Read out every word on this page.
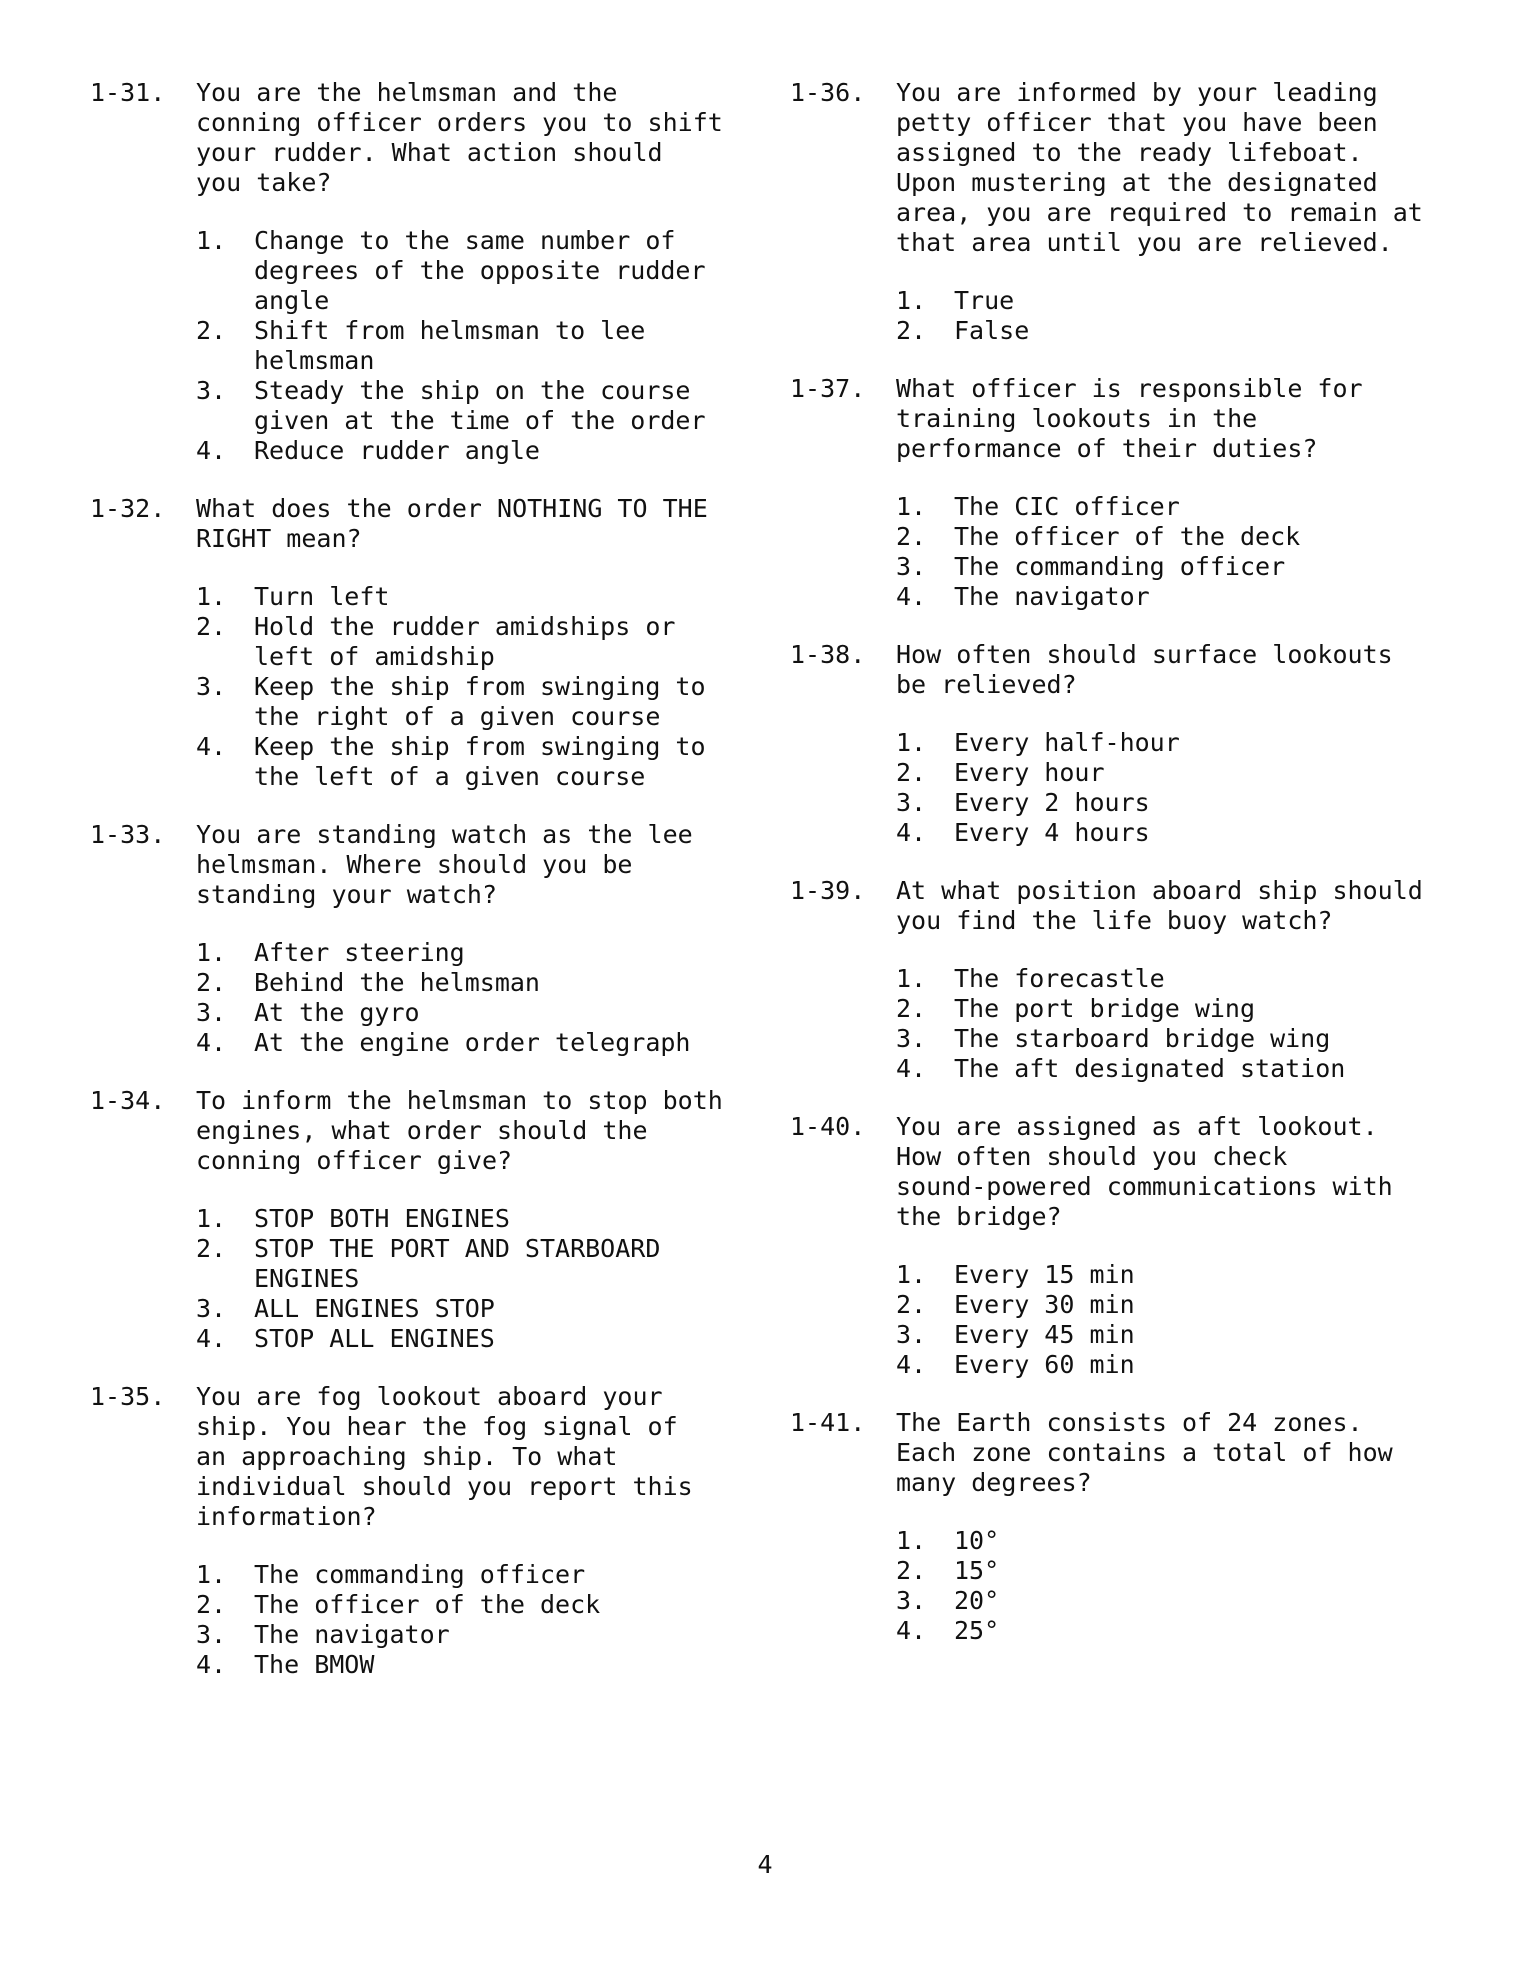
1-31.	You are the helmsman and the
conning officer orders you to shift
your rudder. What action should
you take?
1.	Change to the same number of
degrees of the opposite rudder
angle
2.	Shift from helmsman to lee
helmsman
3.	Steady the ship on the course
given at the time of the order
4.	Reduce rudder angle
1-32.	What does the order NOTHING TO THE
RIGHT mean?
1.	Turn left
2.	Hold the rudder amidships or
left of amidship
3.	Keep the ship from swinging to
the right of a given course
4.	Keep the ship from swinging to
the left of a given course
1-33.	You are standing watch as the lee
helmsman. Where should you be
standing your watch?
1.	After steering
2.	Behind the helmsman
3.	At the gyro
4.	At the engine order telegraph
1-34.	To inform the helmsman to stop both
engines, what order should the
conning officer give?
1.	STOP BOTH ENGINES
2.	STOP THE PORT AND STARBOARD
ENGINES
3.	ALL ENGINES STOP
4.	STOP ALL ENGINES
1-35.	You are fog lookout aboard your
ship. You hear the fog signal of
an approaching ship. To what
individual should you report this
information?
1.	The commanding officer
2.	The officer of the deck
3.	The navigator
4.	The BMOW
1-36.	You are informed by your leading
petty officer that you have been
assigned to the ready lifeboat.
Upon mustering at the designated
area, you are required to remain at
that area until you are relieved.
1.	True
2.	False
1-37.	What officer is responsible for
training lookouts in the
performance of their duties?
1.	The CIC officer
2.	The officer of the deck
3.	The commanding officer
4.	The navigator
1-38.	How often should surface lookouts
be relieved?
1.	Every half-hour
2.	Every hour
3.	Every 2 hours
4.	Every 4 hours
1-39.	At what position aboard ship should
you find the life buoy watch?
1.	The forecastle
2.	The port bridge wing
3.	The starboard bridge wing
4.	The aft designated station
1-40.	You are assigned as aft lookout.
How often should you check
sound-powered communications with
the bridge?
1.	Every 15 min
2.	Every 30 min
3.	Every 45 min
4.	Every 60 min
1-41.	The Earth consists of 24 zones.
Each zone contains a total of how
many degrees?
1.	10°
2.	15°
3.	20°
4.	25°
4
